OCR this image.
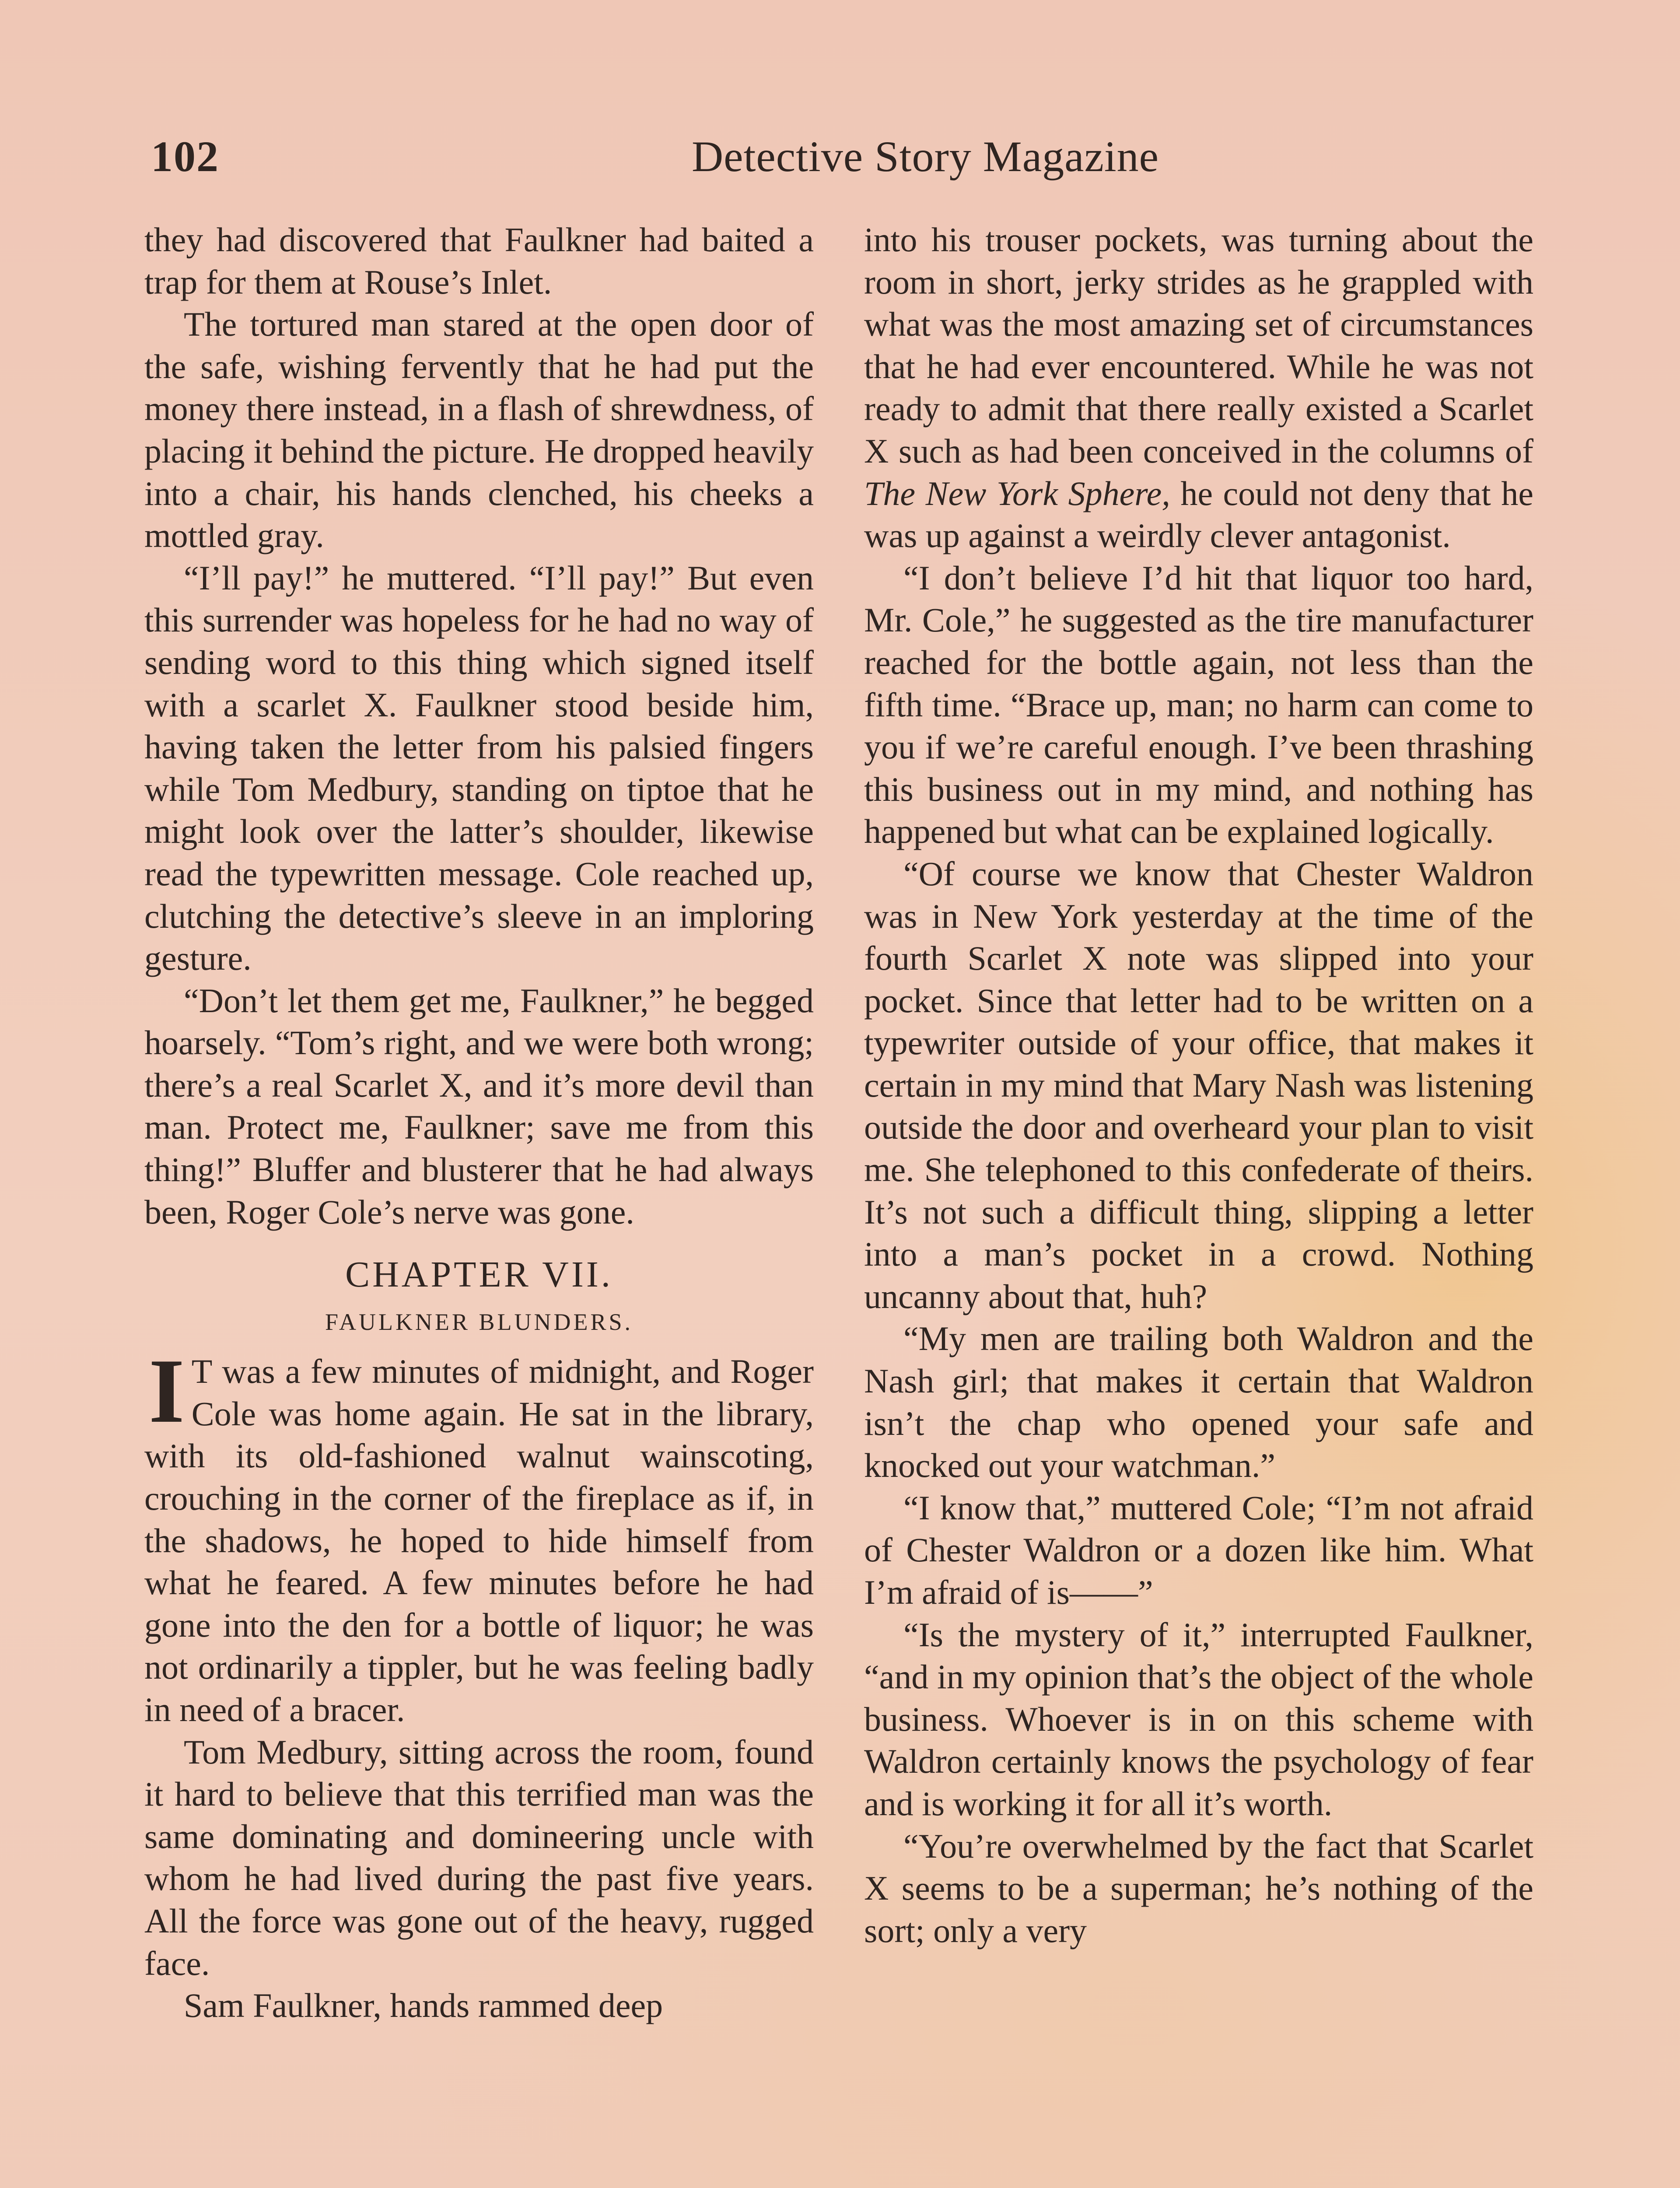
102	Detective Story Magazine

they had discovered that Faulkner had baited a trap for them at Rouse’s Inlet.

The tortured man stared at the open door of the safe, wishing fervently that he had put the money there instead, in a flash of shrewdness, of placing it behind the picture. He dropped heavily into a chair, his hands clenched, his cheeks a mottled gray.

“I’ll pay!” he muttered. “I’ll pay!” But even this surrender was hopeless for he had no way of sending word to this thing which signed itself with a scarlet X. Faulkner stood beside him, having taken the letter from his palsied fingers while Tom Medbury, standing on tiptoe that he might look over the latter’s shoulder, likewise read the typewritten message. Cole reached up, clutching the detective’s sleeve in an imploring gesture.

“Don’t let them get me, Faulkner,” he begged hoarsely. “Tom’s right, and we were both wrong; there’s a real Scarlet X, and it’s more devil than man. Protect me, Faulkner; save me from this thing!” Bluffer and blusterer that he had always been, Roger Cole’s nerve was gone.

CHAPTER VII.

FAULKNER BLUNDERS.

I T was a few minutes of midnight, and Roger Cole was home again. He sat in the library, with its old-fashioned walnut wainscoting, crouching in the corner of the fireplace as if, in the shadows, he hoped to hide himself from what he feared. A few minutes before he had gone into the den for a bottle of liquor; he was not ordinarily a tippler, but he was feeling badly in need of a bracer.

Tom Medbury, sitting across the room, found it hard to believe that this terrified man was the same dominating and domineering uncle with whom he had lived during the past five years. All the force was gone out of the heavy, rugged face.

Sam Faulkner, hands rammed deep

into his trouser pockets, was turning about the room in short, jerky strides as he grappled with what was the most amazing set of circumstances that he had ever encountered. While he was not ready to admit that there really existed a Scarlet X such as had been conceived in the columns of The New York Sphere, he could not deny that he was up against a weirdly clever antagonist.

“I don’t believe I’d hit that liquor too hard, Mr. Cole,” he suggested as the tire manufacturer reached for the bottle again, not less than the fifth time. “Brace up, man; no harm can come to you if we’re careful enough. I’ve been thrashing this business out in my mind, and nothing has happened but what can be explained logically.

“Of course we know that Chester Waldron was in New York yesterday at the time of the fourth Scarlet X note was slipped into your pocket. Since that letter had to be written on a typewriter outside of your office, that makes it certain in my mind that Mary Nash was listening outside the door and overheard your plan to visit me. She telephoned to this confederate of theirs. It’s not such a difficult thing, slipping a letter into a man’s pocket in a crowd. Nothing uncanny about that, huh?

“My men are trailing both Waldron and the Nash girl; that makes it certain that Waldron isn’t the chap who opened your safe and knocked out your watchman.”

“I know that,” muttered Cole; “I’m not afraid of Chester Waldron or a dozen like him. What I’m afraid of is——”

“Is the mystery of it,” interrupted Faulkner, “and in my opinion that’s the object of the whole business. Whoever is in on this scheme with Waldron certainly knows the psychology of fear and is working it for all it’s worth.

“You’re overwhelmed by the fact that Scarlet X seems to be a superman; he’s nothing of the sort; only a very
